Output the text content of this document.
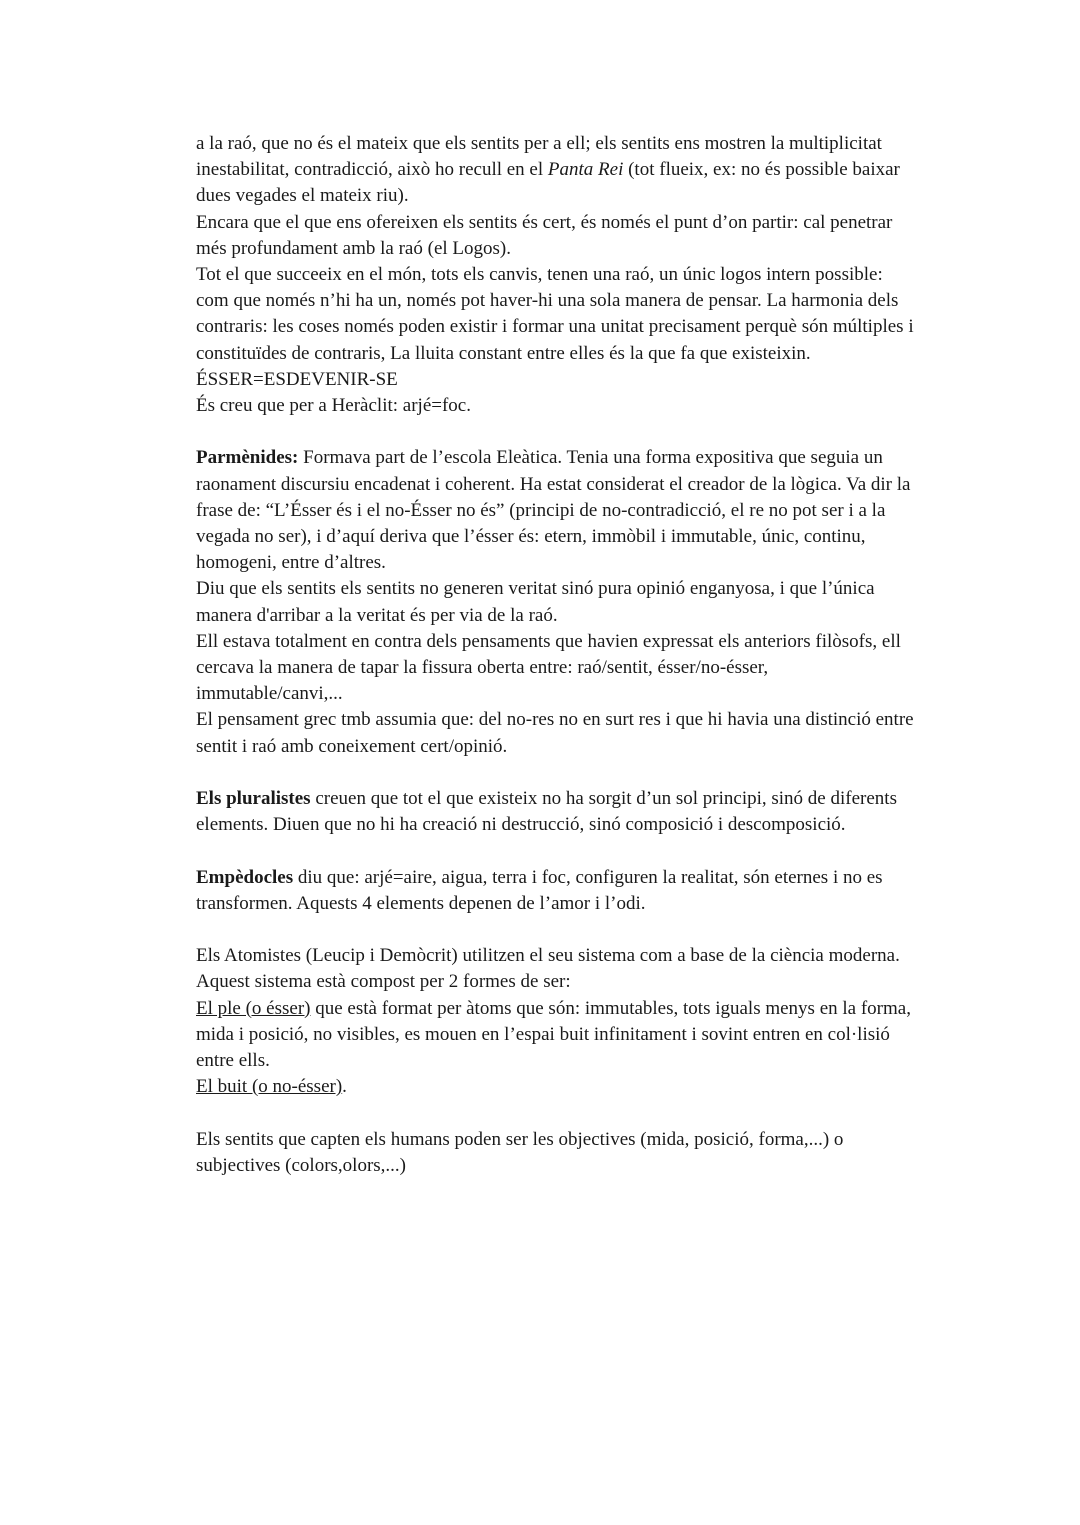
a la raó, que no és el mateix que els sentits per a ell; els sentits ens mostren la multiplicitat
inestabilitat, contradicció, això ho recull en el Panta Rei (tot flueix, ex: no és possible baixar
dues vegades el mateix riu).
Encara que el que ens ofereixen els sentits és cert, és només el punt d’on partir: cal penetrar
més profundament amb la raó (el Logos).
Tot el que succeeix en el món, tots els canvis, tenen una raó, un únic logos intern possible:
com que només n’hi ha un, només pot haver-hi una sola manera de pensar. La harmonia dels
contraris: les coses només poden existir i formar una unitat precisament perquè són múltiples i
constituïdes de contraris, La lluita constant entre elles és la que fa que existeixin.
ÉSSER=ESDEVENIR-SE
És creu que per a Heràclit: arjé=foc.
Parmènides: Formava part de l’escola Eleàtica. Tenia una forma expositiva que seguia un
raonament discursiu encadenat i coherent. Ha estat considerat el creador de la lògica. Va dir la
frase de: “L’Ésser és i el no-Ésser no és” (principi de no-contradicció, el re no pot ser i a la
vegada no ser), i d’aquí deriva que l’ésser és: etern, immòbil i immutable, únic, continu,
homogeni, entre d’altres.
Diu que els sentits els sentits no generen veritat sinó pura opinió enganyosa, i que l’única
manera d'arribar a la veritat és per via de la raó.
Ell estava totalment en contra dels pensaments que havien expressat els anteriors filòsofs, ell
cercava la manera de tapar la fissura oberta entre: raó/sentit, ésser/no-ésser,
immutable/canvi,...
El pensament grec tmb assumia que: del no-res no en surt res i que hi havia una distinció entre
sentit i raó amb coneixement cert/opinió.
Els pluralistes creuen que tot el que existeix no ha sorgit d’un sol principi, sinó de diferents
elements. Diuen que no hi ha creació ni destrucció, sinó composició i descomposició.
Empèdocles diu que: arjé=aire, aigua, terra i foc, configuren la realitat, són eternes i no es
transformen. Aquests 4 elements depenen de l’amor i l’odi.
Els Atomistes (Leucip i Demòcrit) utilitzen el seu sistema com a base de la ciència moderna.
Aquest sistema està compost per 2 formes de ser:
El ple (o ésser) que està format per àtoms que són: immutables, tots iguals menys en la forma,
mida i posició, no visibles, es mouen en l’espai buit infinitament i sovint entren en col·lisió
entre ells.
El buit (o no-ésser).
Els sentits que capten els humans poden ser les objectives (mida, posició, forma,...) o
subjectives (colors,olors,...)
